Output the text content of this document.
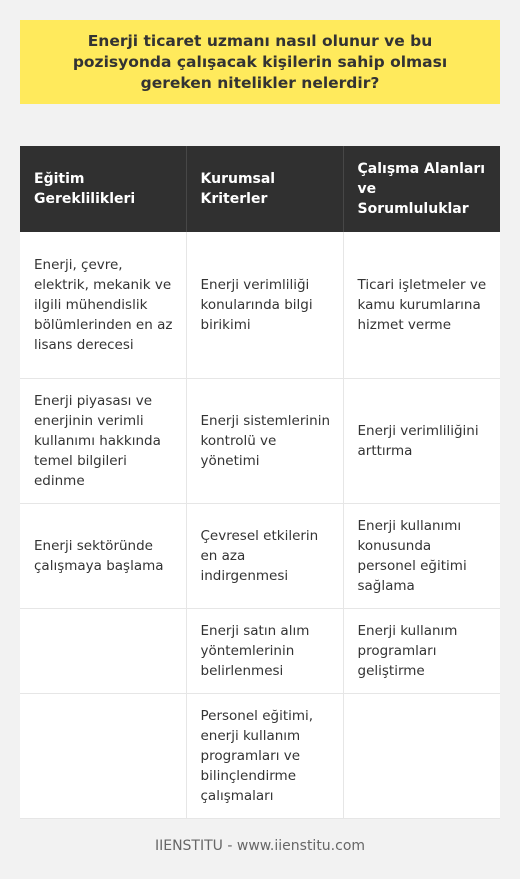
Enerji ticaret uzmanı nasıl olunur ve bu pozisyonda çalışacak kişilerin sahip olması gereken nitelikler nelerdir?
Eğitim Gereklilikleri	Kurumsal Kriterler	Çalışma Alanları ve Sorumluluklar
Enerji, çevre, elektrik, mekanik ve ilgili mühendislik bölümlerinden en az lisans derecesi	Enerji verimliliği konularında bilgi birikimi	Ticari işletmeler ve kamu kurumlarına hizmet verme
Enerji piyasası ve enerjinin verimli kullanımı hakkında temel bilgileri edinme	Enerji sistemlerinin kontrolü ve yönetimi	Enerji verimliliğini arttırma
Enerji sektöründe çalışmaya başlama	Çevresel etkilerin en aza indirgenmesi	Enerji kullanımı konusunda personel eğitimi sağlama
	Enerji satın alım yöntemlerinin belirlenmesi	Enerji kullanım programları geliştirme
	Personel eğitimi, enerji kullanım programları ve bilinçlendirme çalışmaları	
IIENSTITU - www.iienstitu.com
